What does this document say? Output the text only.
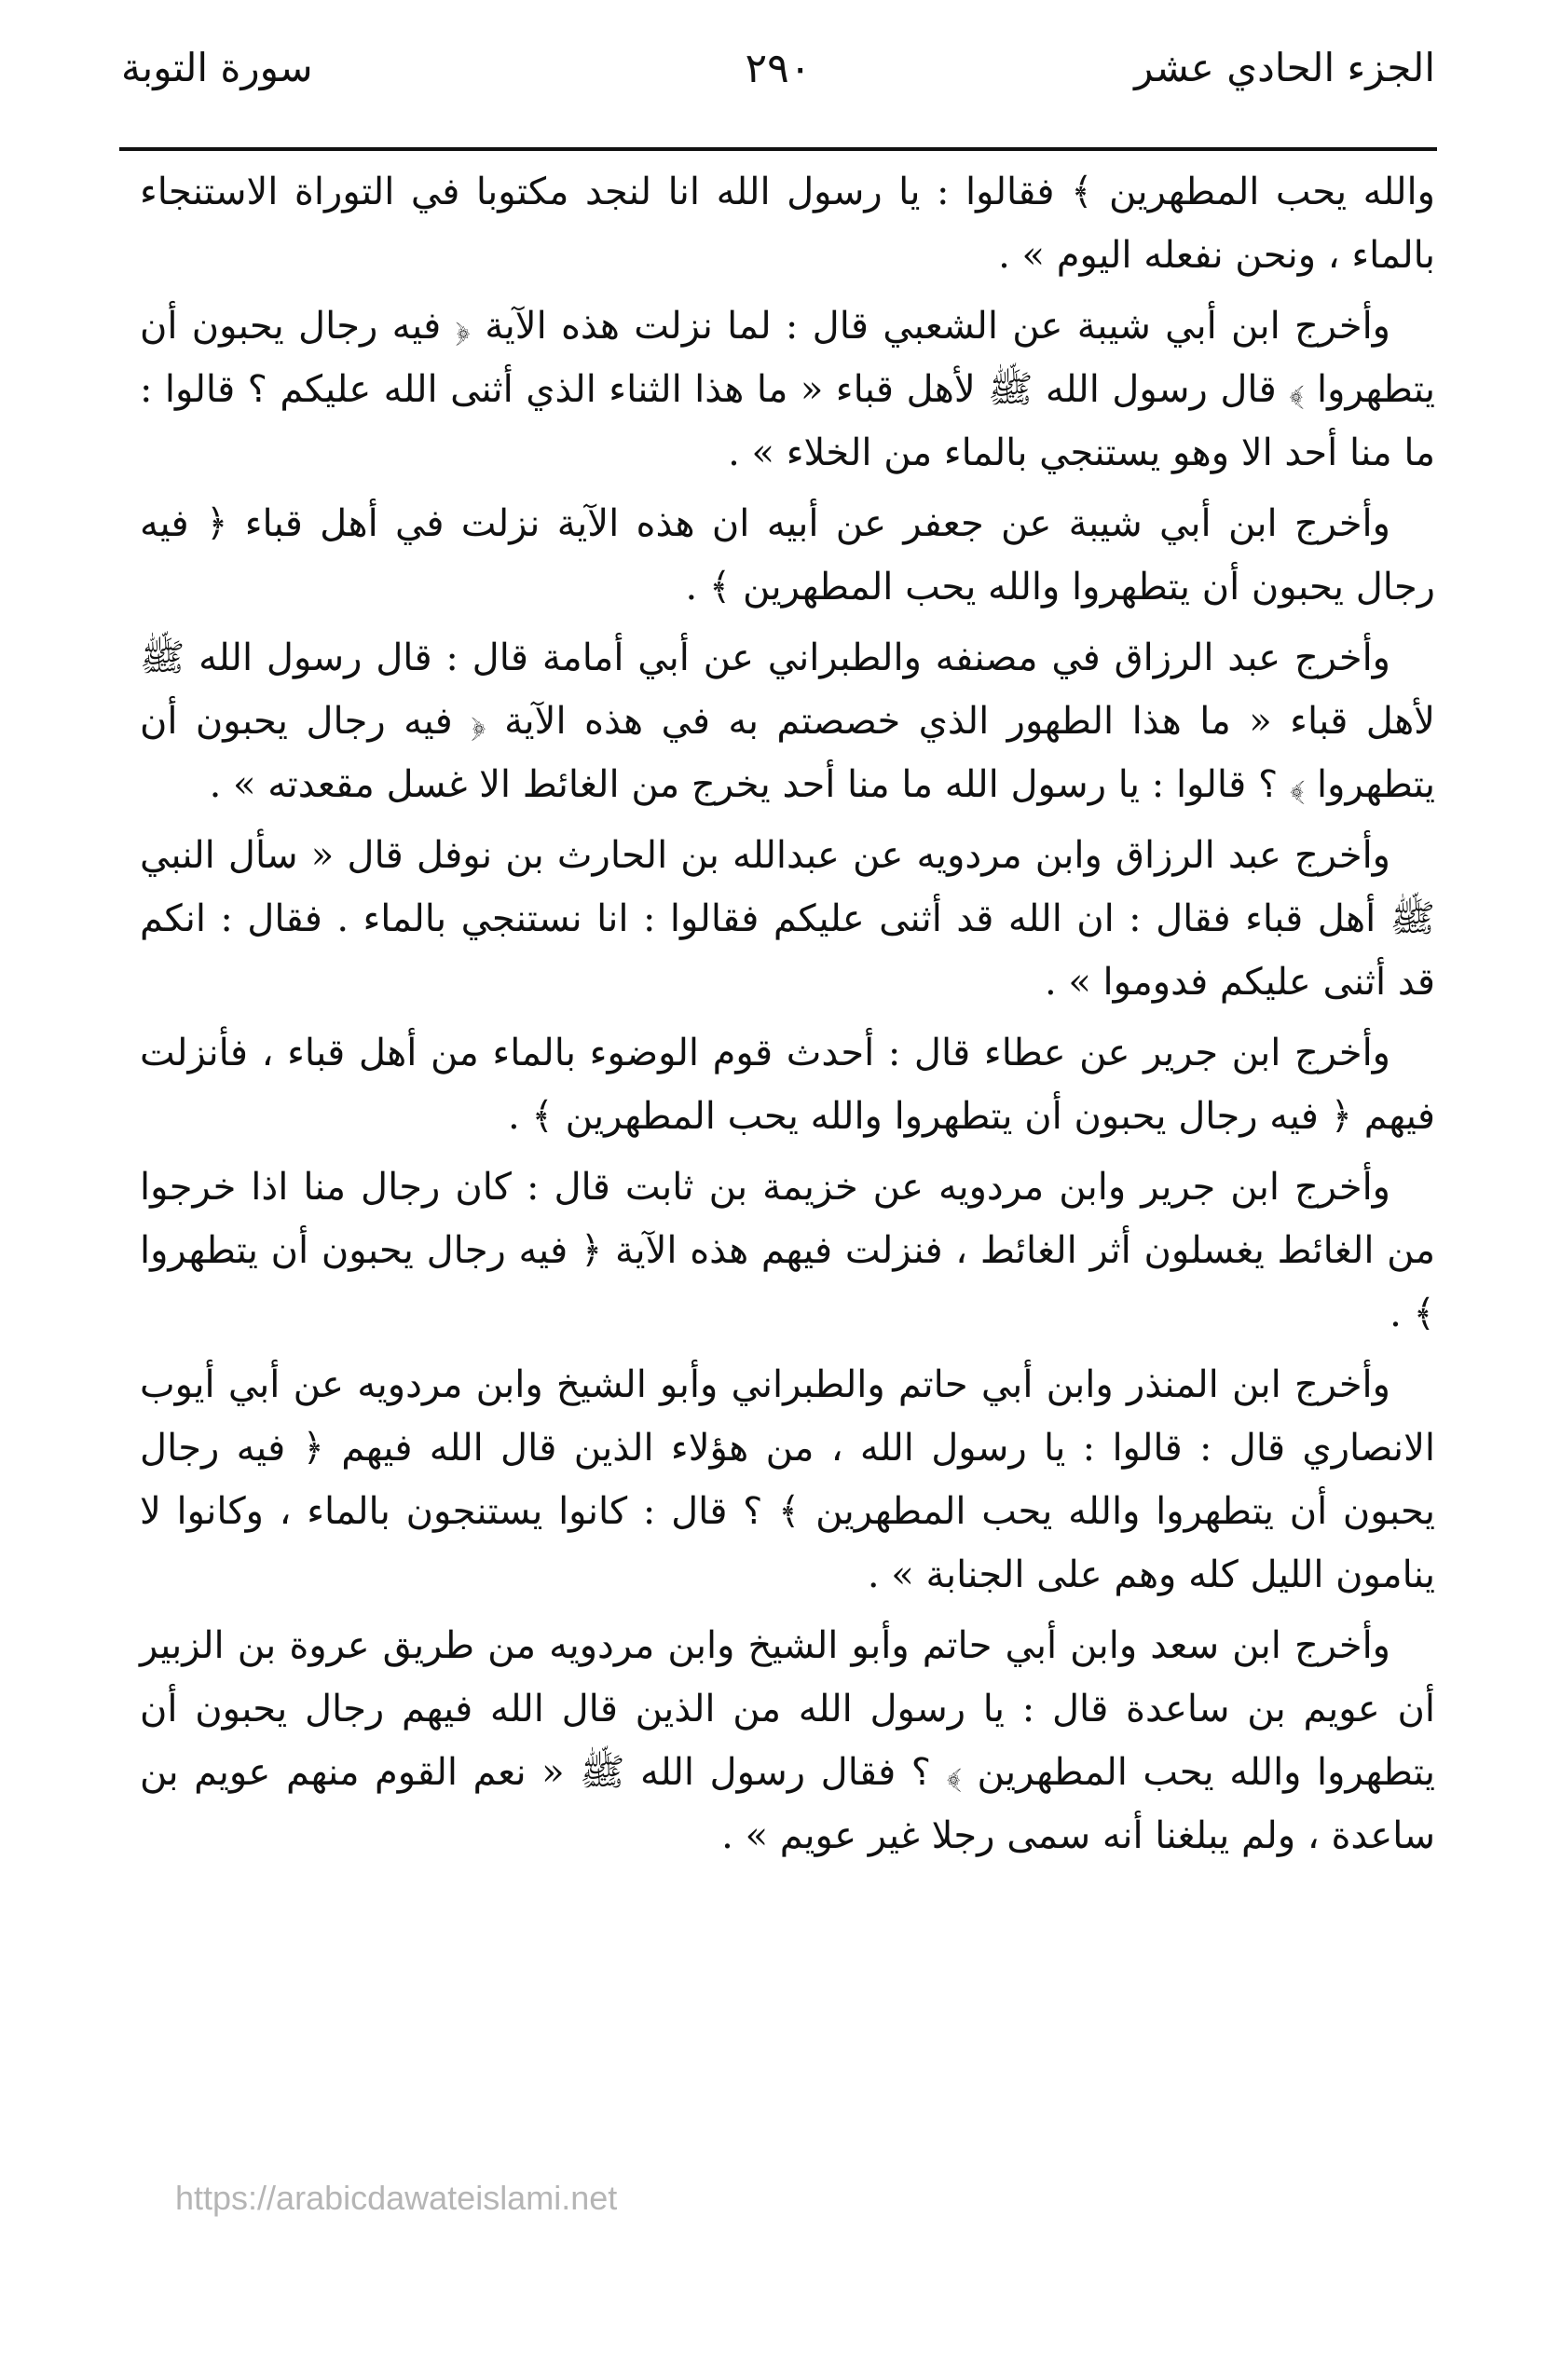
الجزء الحادي عشر
٢٩٠
سورة التوبة

والله يحب المطهرين ﴾ فقالوا : يا رسول الله انا لنجد مكتوبا في التوراة الاستنجاء بالماء ، ونحن نفعله اليوم » .

وأخرج ابن أبي شيبة عن الشعبي قال : لما نزلت هذه الآية ﴿ فيه رجال يحبون أن يتطهروا ﴾ قال رسول الله ﷺ لأهل قباء « ما هذا الثناء الذي أثنى الله عليكم ؟ قالوا : ما منا أحد الا وهو يستنجي بالماء من الخلاء » .

وأخرج ابن أبي شيبة عن جعفر عن أبيه ان هذه الآية نزلت في أهل قباء ﴿ فيه رجال يحبون أن يتطهروا والله يحب المطهرين ﴾ .

وأخرج عبد الرزاق في مصنفه والطبراني عن أبي أمامة قال : قال رسول الله ﷺ لأهل قباء « ما هذا الطهور الذي خصصتم به في هذه الآية ﴿ فيه رجال يحبون أن يتطهروا ﴾ ؟ قالوا : يا رسول الله ما منا أحد يخرج من الغائط الا غسل مقعدته » .

وأخرج عبد الرزاق وابن مردويه عن عبدالله بن الحارث بن نوفل قال « سأل النبي ﷺ أهل قباء فقال : ان الله قد أثنى عليكم فقالوا : انا نستنجي بالماء . فقال : انكم قد أثنى عليكم فدوموا » .

وأخرج ابن جرير عن عطاء قال : أحدث قوم الوضوء بالماء من أهل قباء ، فأنزلت فيهم ﴿ فيه رجال يحبون أن يتطهروا والله يحب المطهرين ﴾ .

وأخرج ابن جرير وابن مردويه عن خزيمة بن ثابت قال : كان رجال منا اذا خرجوا من الغائط يغسلون أثر الغائط ، فنزلت فيهم هذه الآية ﴿ فيه رجال يحبون أن يتطهروا ﴾ .

وأخرج ابن المنذر وابن أبي حاتم والطبراني وأبو الشيخ وابن مردويه عن أبي أيوب الانصاري قال : قالوا : يا رسول الله ، من هؤلاء الذين قال الله فيهم ﴿ فيه رجال يحبون أن يتطهروا والله يحب المطهرين ﴾ ؟ قال : كانوا يستنجون بالماء ، وكانوا لا ينامون الليل كله وهم على الجنابة » .

وأخرج ابن سعد وابن أبي حاتم وأبو الشيخ وابن مردويه من طريق عروة بن الزبير أن عويم بن ساعدة قال : يا رسول الله من الذين قال الله فيهم رجال يحبون أن يتطهروا والله يحب المطهرين ﴾ ؟ فقال رسول الله ﷺ « نعم القوم منهم عويم بن ساعدة ، ولم يبلغنا أنه سمى رجلا غير عويم » .

https://arabicdawateislami.net
